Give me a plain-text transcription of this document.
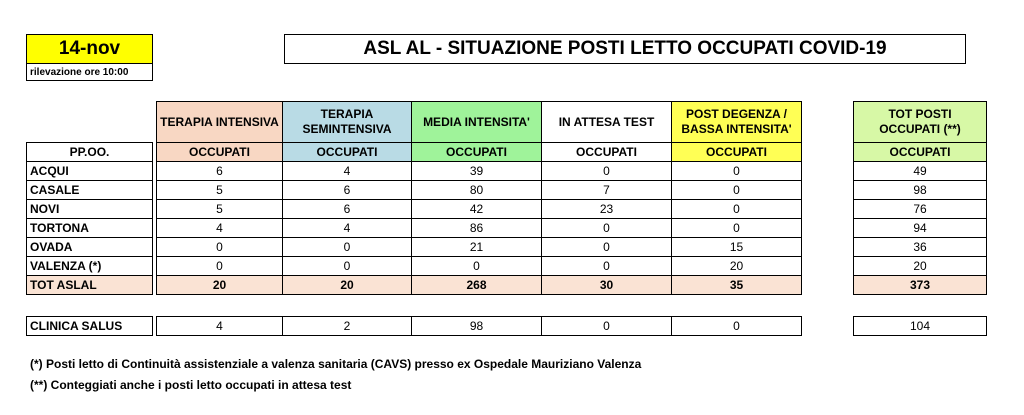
14-nov
rilevazione ore 10:00
ASL AL - SITUAZIONE POSTI LETTO OCCUPATI COVID-19
		TERAPIA INTENSIVA	TERAPIA
SEMINTENSIVA	MEDIA INTENSITA'	IN ATTESA TEST	POST DEGENZA /
BASSA INTENSITA'		TOT POSTI
OCCUPATI (**)
PP.OO.		OCCUPATI	OCCUPATI	OCCUPATI	OCCUPATI	OCCUPATI		OCCUPATI
ACQUI		6	4	39	0	0		49
CASALE		5	6	80	7	0		98
NOVI		5	6	42	23	0		76
TORTONA		4	4	86	0	0		94
OVADA		0	0	21	0	15		36
VALENZA (*)		0	0	0	0	20		20
TOT ASLAL		20	20	268	30	35		373
CLINICA SALUS		4	2	98	0	0		104
(*) Posti letto di Continuità assistenziale a valenza sanitaria (CAVS) presso ex Ospedale Mauriziano Valenza
(**) Conteggiati anche i posti letto occupati in attesa test
